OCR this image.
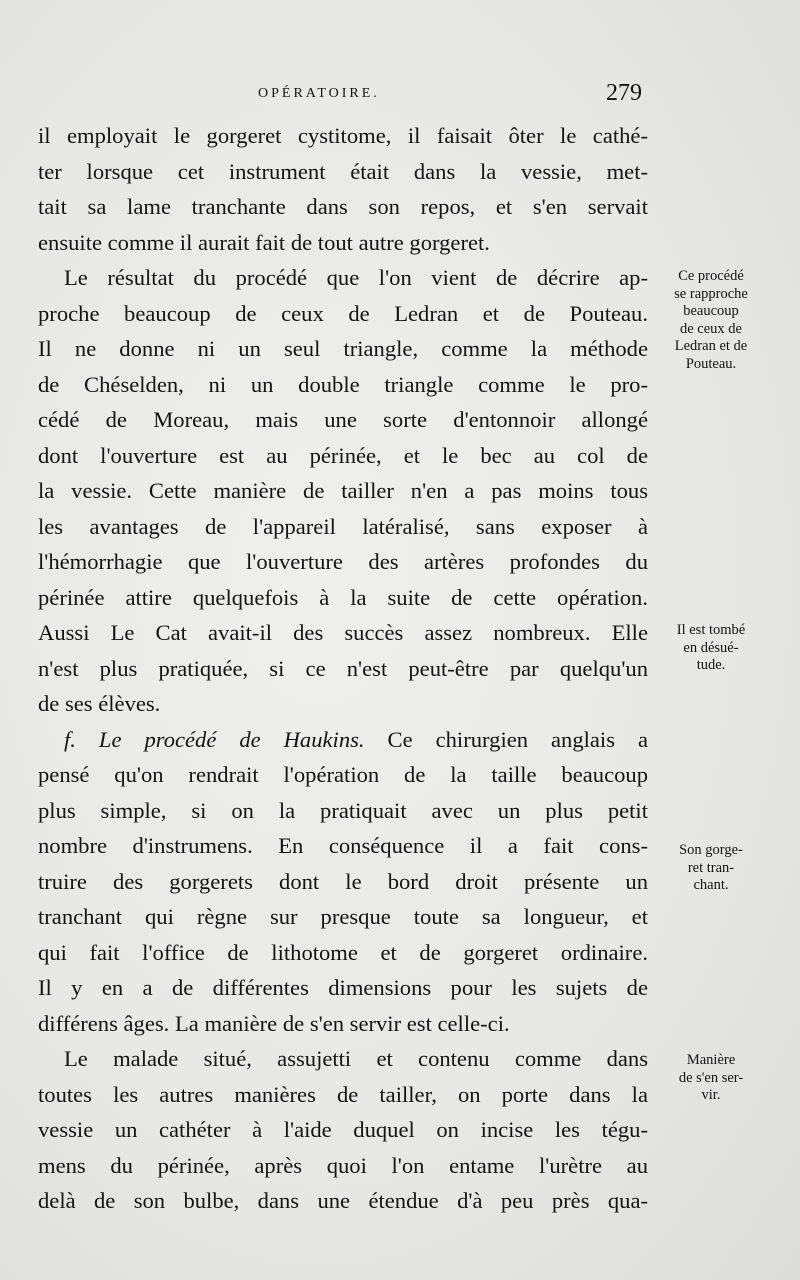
OPÉRATOIRE.	279
il employait le gorgeret cystitome, il faisait ôter le cathé-
ter lorsque cet instrument était dans la vessie, met-
tait sa lame tranchante dans son repos, et s'en servait
ensuite comme il aurait fait de tout autre gorgeret.
Le résultat du procédé que l'on vient de décrire ap-
proche beaucoup de ceux de Ledran et de Pouteau.
Il ne donne ni un seul triangle, comme la méthode
de Chéselden, ni un double triangle comme le pro-
cédé de Moreau, mais une sorte d'entonnoir allongé
dont l'ouverture est au périnée, et le bec au col de
la vessie. Cette manière de tailler n'en a pas moins tous
les avantages de l'appareil latéralisé, sans exposer à
l'hémorrhagie que l'ouverture des artères profondes du
périnée attire quelquefois à la suite de cette opération.
Aussi Le Cat avait-il des succès assez nombreux. Elle
n'est plus pratiquée, si ce n'est peut-être par quelqu'un
de ses élèves.
f. Le procédé de Haukins. Ce chirurgien anglais a
pensé qu'on rendrait l'opération de la taille beaucoup
plus simple, si on la pratiquait avec un plus petit
nombre d'instrumens. En conséquence il a fait cons-
truire des gorgerets dont le bord droit présente un
tranchant qui règne sur presque toute sa longueur, et
qui fait l'office de lithotome et de gorgeret ordinaire.
Il y en a de différentes dimensions pour les sujets de
différens âges. La manière de s'en servir est celle-ci.
Le malade situé, assujetti et contenu comme dans
toutes les autres manières de tailler, on porte dans la
vessie un cathéter à l'aide duquel on incise les tégu-
mens du périnée, après quoi l'on entame l'urètre au
delà de son bulbe, dans une étendue d'à peu près qua-
Ce procédé
se rapproche
beaucoup
de ceux de
Ledran et de
Pouteau.
Il est tombé
en désué-
tude.
Son gorge-
ret tran-
chant.
Manière
de s'en ser-
vir.
